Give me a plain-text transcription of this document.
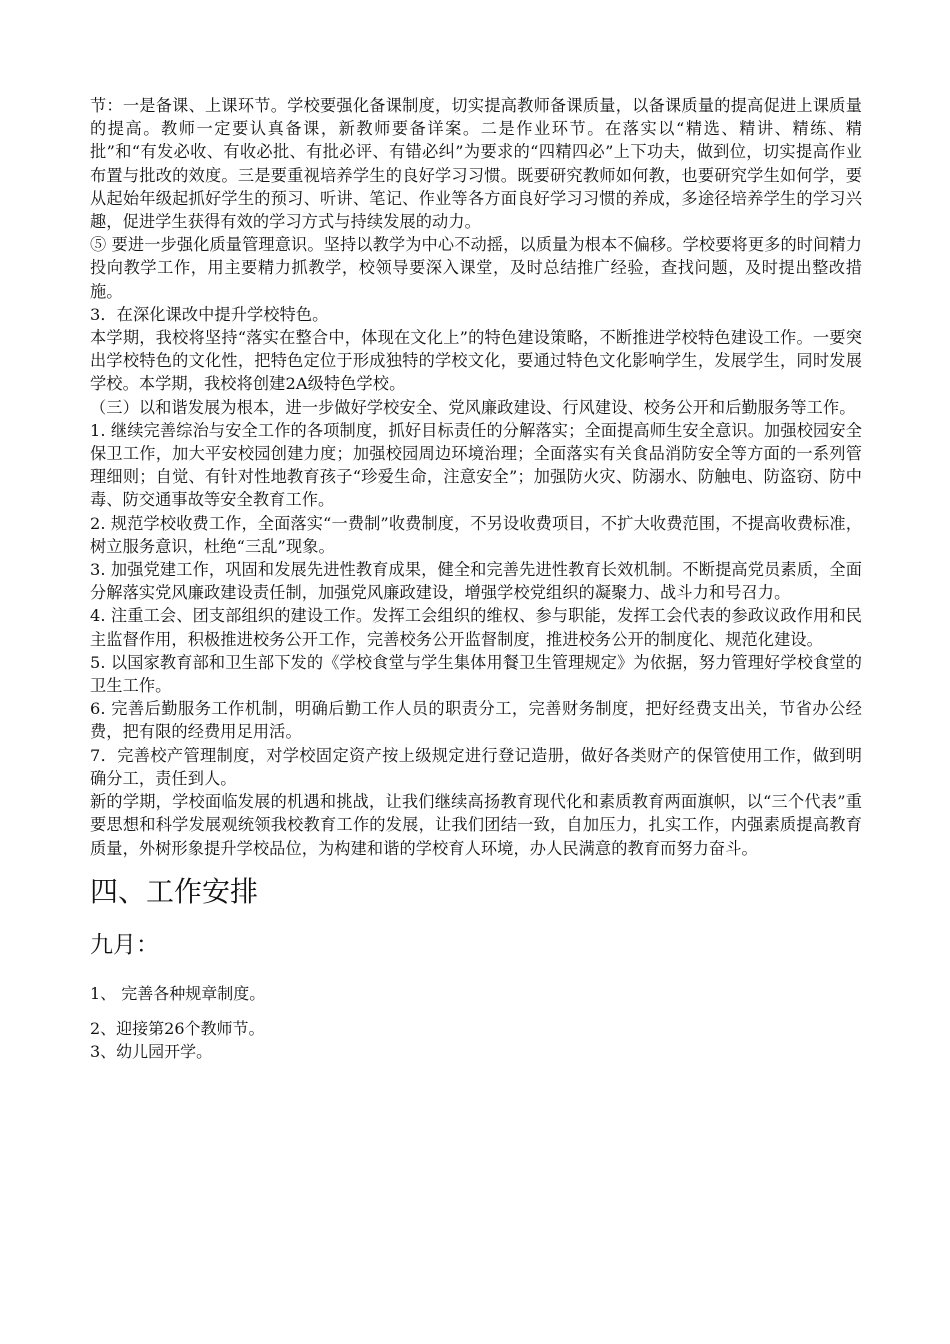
节：一是备课、上课环节。学校要强化备课制度，切实提高教师备课质量，以备课质量的提高促进上课质量的提高。教师一定要认真备课，新教师要备详案。二是作业环节。在落实以“精选、精讲、精练、精批”和“有发必收、有收必批、有批必评、有错必纠”为要求的“四精四必”上下功夫，做到位，切实提高作业布置与批改的效度。三是要重视培养学生的良好学习习惯。既要研究教师如何教，也要研究学生如何学，要从起始年级起抓好学生的预习、听讲、笔记、作业等各方面良好学习习惯的养成，多途径培养学生的学习兴趣，促进学生获得有效的学习方式与持续发展的动力。

⑤ 要进一步强化质量管理意识。坚持以教学为中心不动摇，以质量为根本不偏移。学校要将更多的时间精力投向教学工作，用主要精力抓教学，校领导要深入课堂，及时总结推广经验，查找问题，及时提出整改措施。

3．在深化课改中提升学校特色。

本学期，我校将坚持“落实在整合中，体现在文化上”的特色建设策略，不断推进学校特色建设工作。一要突出学校特色的文化性，把特色定位于形成独特的学校文化，要通过特色文化影响学生，发展学生，同时发展学校。本学期，我校将创建2A级特色学校。

（三）以和谐发展为根本，进一步做好学校安全、党风廉政建设、行风建设、校务公开和后勤服务等工作。

1. 继续完善综治与安全工作的各项制度，抓好目标责任的分解落实；全面提高师生安全意识。加强校园安全保卫工作，加大平安校园创建力度；加强校园周边环境治理；全面落实有关食品消防安全等方面的一系列管理细则；自觉、有针对性地教育孩子“珍爱生命，注意安全”；加强防火灾、防溺水、防触电、防盗窃、防中毒、防交通事故等安全教育工作。

2. 规范学校收费工作，全面落实“一费制”收费制度，不另设收费项目，不扩大收费范围，不提高收费标准，树立服务意识，杜绝“三乱”现象。

3. 加强党建工作，巩固和发展先进性教育成果，健全和完善先进性教育长效机制。不断提高党员素质，全面分解落实党风廉政建设责任制，加强党风廉政建设，增强学校党组织的凝聚力、战斗力和号召力。

4. 注重工会、团支部组织的建设工作。发挥工会组织的维权、参与职能，发挥工会代表的参政议政作用和民主监督作用，积极推进校务公开工作，完善校务公开监督制度，推进校务公开的制度化、规范化建设。

5. 以国家教育部和卫生部下发的《学校食堂与学生集体用餐卫生管理规定》为依据，努力管理好学校食堂的卫生工作。

6. 完善后勤服务工作机制，明确后勤工作人员的职责分工，完善财务制度，把好经费支出关，节省办公经费，把有限的经费用足用活。

7．完善校产管理制度，对学校固定资产按上级规定进行登记造册，做好各类财产的保管使用工作，做到明确分工，责任到人。

新的学期，学校面临发展的机遇和挑战，让我们继续高扬教育现代化和素质教育两面旗帜，以“三个代表”重要思想和科学发展观统领我校教育工作的发展，让我们团结一致，自加压力，扎实工作，内强素质提高教育质量，外树形象提升学校品位，为构建和谐的学校育人环境，办人民满意的教育而努力奋斗。

四、工作安排
九月：

1、 完善各种规章制度。

2、迎接第26个教师节。

3、幼儿园开学。
